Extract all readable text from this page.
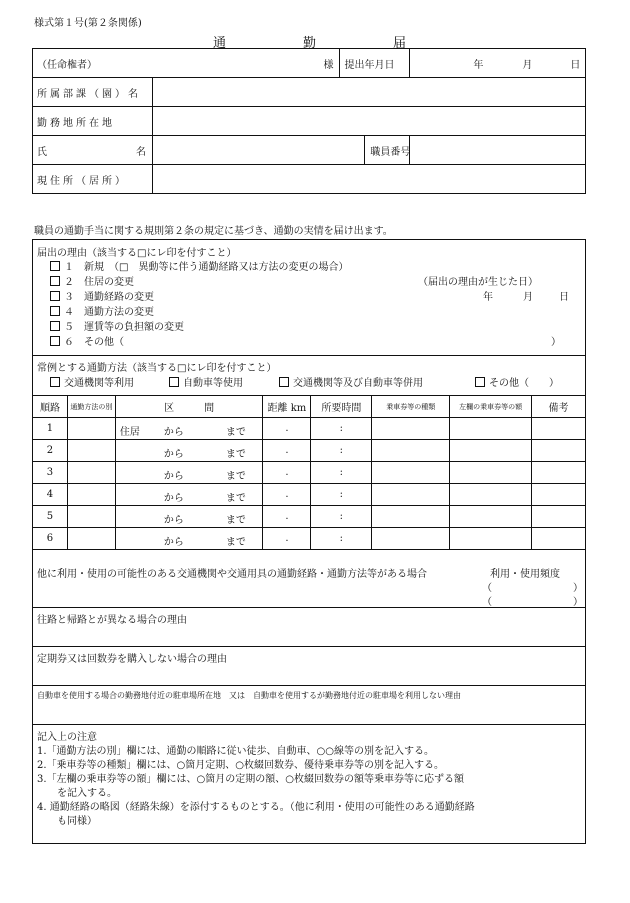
様式第１号(第２条関係)
通	勤	届
（任命権者） 様		提出年月日	年 月 日

所属部課（園）名			
勤務地所在地			
氏 名			職員番号

現住所（居所）			
職員の通勤手当に関する規則第２条の規定に基づき、通勤の実情を届け出ます。
届出の理由（該当する□にレ印を付すこと）
１　新規　（□　異動等に伴う通勤経路又は方法の変更の場合）
２　住居の変更
３　通勤経路の変更
４　通勤方法の変更
５　運賃等の負担額の変更
６　その他（	）
（届出の理由が生じた日）
年	月	日
常例とする通勤方法（該当する□にレ印を付すこと）
交通機関等利用	自動車等使用	交通機関等及び自動車等併用	その他（　　）
順路	通勤方法の別	区　　　間	距離 km	所要時間	乗車券等の種類	左欄の乗車券等の額	備考
1		住居 から まで	.	:			
2		から まで	.	:			
3		から まで	.	:			
4		から まで	.	:			
5		から まで	.	:			
6		から まで	.	:			
他に利用・使用の可能性のある交通機関や交通用具の通勤経路・通勤方法等がある場合	利用・使用頻度
（	）
（	）
往路と帰路とが異なる場合の理由
定期券又は回数券を購入しない場合の理由
自動車を使用する場合の勤務地付近の駐車場所在地　又は　自動車を使用するが勤務地付近の駐車場を利用しない理由
記入上の注意
1.「通勤方法の別」欄には、通勤の順路に従い徒歩、自動車、○○線等の別を記入する。
2.「乗車券等の種類」欄には、○箇月定期、○枚綴回数券、優待乗車券等の別を記入する。
3.「左欄の乗車券等の額」欄には、○箇月の定期の額、○枚綴回数券の額等乗車券等に応ずる額
　　を記入する。
4. 通勤経路の略図（経路朱線）を添付するものとする。（他に利用・使用の可能性のある通勤経路
　　も同様）
